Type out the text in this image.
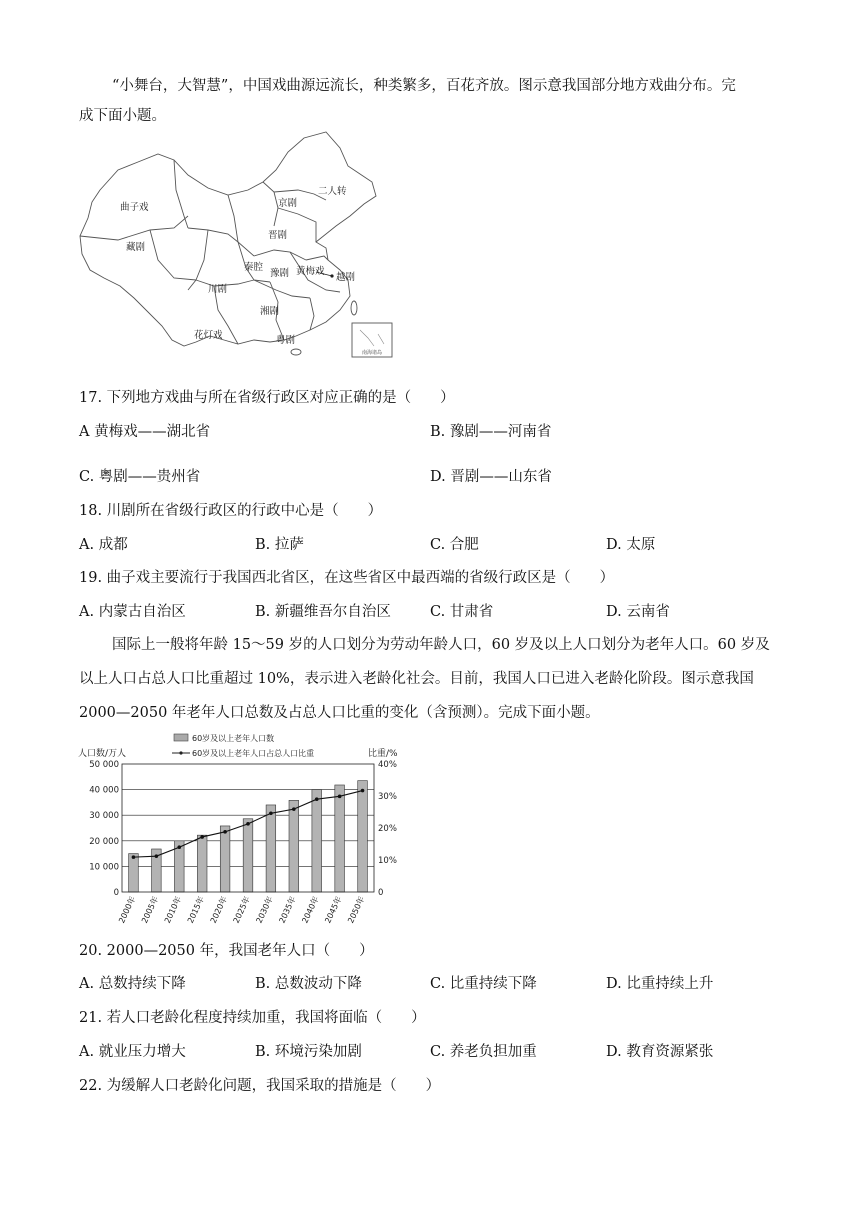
“小舞台，大智慧”，中国戏曲源远流长，种类繁多，百花齐放。图示意我国部分地方戏曲分布。完
成下面小题。
南海诸岛
曲子戏
二人转
京剧
晋剧
秦腔
豫剧 黄梅戏
越剧
藏剧
川剧
湘剧
花灯戏	粤剧
17. 下列地方戏曲与所在省级行政区对应正确的是（　　）
A 黄梅戏——湖北省	B. 豫剧——河南省
C. 粤剧——贵州省	D. 晋剧——山东省
18. 川剧所在省级行政区的行政中心是（　　）
A. 成都	B. 拉萨	C. 合肥	D. 太原
19. 曲子戏主要流行于我国西北省区，在这些省区中最西端的省级行政区是（　　）
A. 内蒙古自治区	B. 新疆维吾尔自治区	C. 甘肃省	D. 云南省
国际上一般将年龄 15～59 岁的人口划分为劳动年龄人口，60 岁及以上人口划分为老年人口。60 岁及
以上人口占总人口比重超过 10%，表示进入老龄化社会。目前，我国人口已进入老龄化阶段。图示意我国
2000—2050 年老年人口总数及占总人口比重的变化（含预测）。完成下面小题。
60岁及以上老年人口数
60岁及以上老年人口占总人口比重
人口数/万人	比重/%
0
10 000
20 000
30 000
40 000
50 000
0
10%
20%
30%
40%
2000年 2005年 2010年 2015年 2020年 2025年 2030年 2035年 2040年 2045年 2050年
20. 2000—2050 年，我国老年人口（　　）
A. 总数持续下降	B. 总数波动下降	C. 比重持续下降	D. 比重持续上升
21. 若人口老龄化程度持续加重，我国将面临（　　）
A. 就业压力增大	B. 环境污染加剧	C. 养老负担加重	D. 教育资源紧张
22. 为缓解人口老龄化问题，我国采取的措施是（　　）
